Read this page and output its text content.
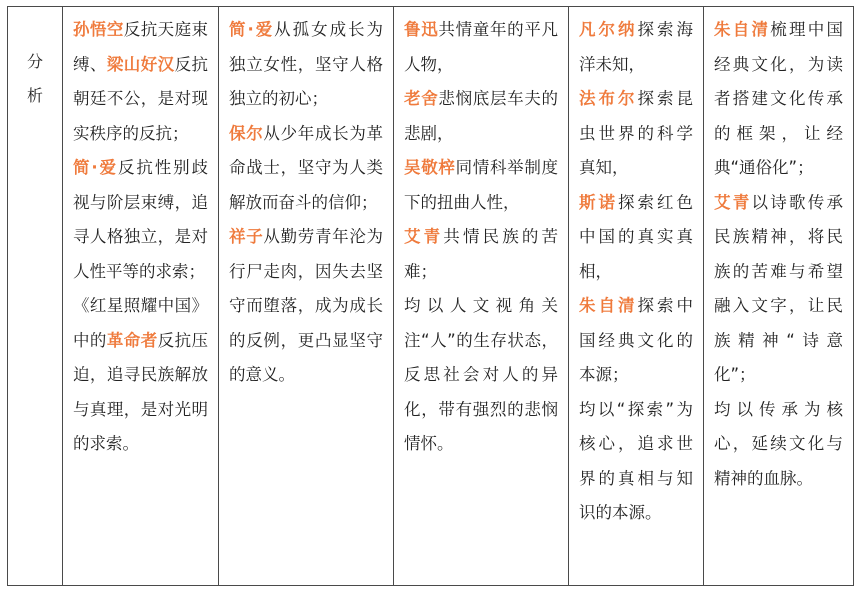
分
析

孙悟空反抗天庭束缚、梁山好汉反抗朝廷不公，是对现实秩序的反抗；
简·爱反抗性别歧视与阶层束缚，追寻人格独立，是对人性平等的求索；
《红星照耀中国》中的革命者反抗压迫，追寻民族解放与真理，是对光明的求索。

简·爱从孤女成长为独立女性，坚守人格独立的初心；
保尔从少年成长为革命战士，坚守为人类解放而奋斗的信仰；
祥子从勤劳青年沦为行尸走肉，因失去坚守而堕落，成为成长的反例，更凸显坚守的意义。

鲁迅共情童年的平凡人物，
老舍悲悯底层车夫的悲剧，
吴敬梓同情科举制度下的扭曲人性，
艾青共情民族的苦难；
均以人文视角关注“人”的生存状态，反思社会对人的异化，带有强烈的悲悯情怀。

凡尔纳探索海洋未知，
法布尔探索昆虫世界的科学真知，
斯诺探索红色中国的真实真相，
朱自清探索中国经典文化的本源；
均以“探索”为核心，追求世界的真相与知识的本源。

朱自清梳理中国经典文化，为读者搭建文化传承的框架，让经典“通俗化”；
艾青以诗歌传承民族精神，将民族的苦难与希望融入文字，让民族精神“诗意化”；
均以传承为核心，延续文化与精神的血脉。
